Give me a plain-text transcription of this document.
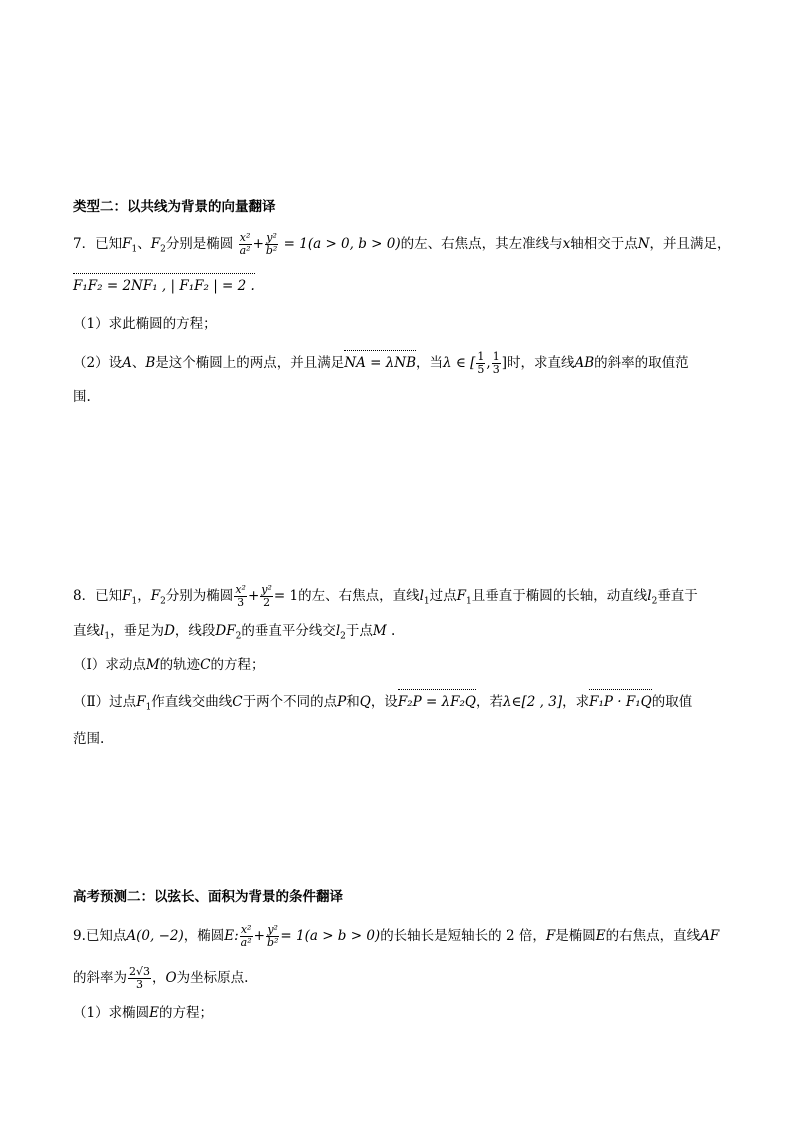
类型二：以共线为背景的向量翻译
7．已知$F_1$、$F_2$分别是椭圆 $\frac{\text{x²}}{\text{a²}} + \frac{\text{y²}}{\text{b²}} = 1(a > 0$, b > 0)的左、右焦点，其左准线与x轴相交于点N，并且满足，
F₁F₂ = 2NF₁ , | F₁F₂ | = 2 .
（1）求此椭圆的方程；
（2）设A、B是这个椭圆上的两点，并且满足NA = λNB，当λ ∈ [ $\frac{1}{5}$ , $\frac{1}{3}$ ]时，求直线AB的斜率的取值范
围.
8．已知$F_1$，$F_2$分别为椭圆 $\frac{\text{x²}}{3} + \frac{\text{y²}}{2} = 1$的左、右焦点，直线$l_1$过点$F_1$且垂直于椭圆的长轴，动直线$l_2$垂直于
直线$l_1$，垂足为D，线段$DF_2$的垂直平分线交$l_2$于点M .
（Ⅰ）求动点M的轨迹C的方程；
（Ⅱ）过点$F_1$作直线交曲线C于两个不同的点P和Q，设F₂P = λF₂Q，若λ∈[2 , 3]，求F₁P · F₁Q的取值
范围.
高考预测二：以弦长、面积为背景的条件翻译
9.已知点A(0, −2)，椭圆E: $\frac{\text{x²}}{\text{a²}} + \frac{\text{y²}}{\text{b²}} = 1(a > b > 0)$的长轴长是短轴长的 2 倍，F是椭圆E的右焦点，直线AF
的斜率为 $\frac{2√3}{3}$ ，O为坐标原点.
（1）求椭圆E的方程；
